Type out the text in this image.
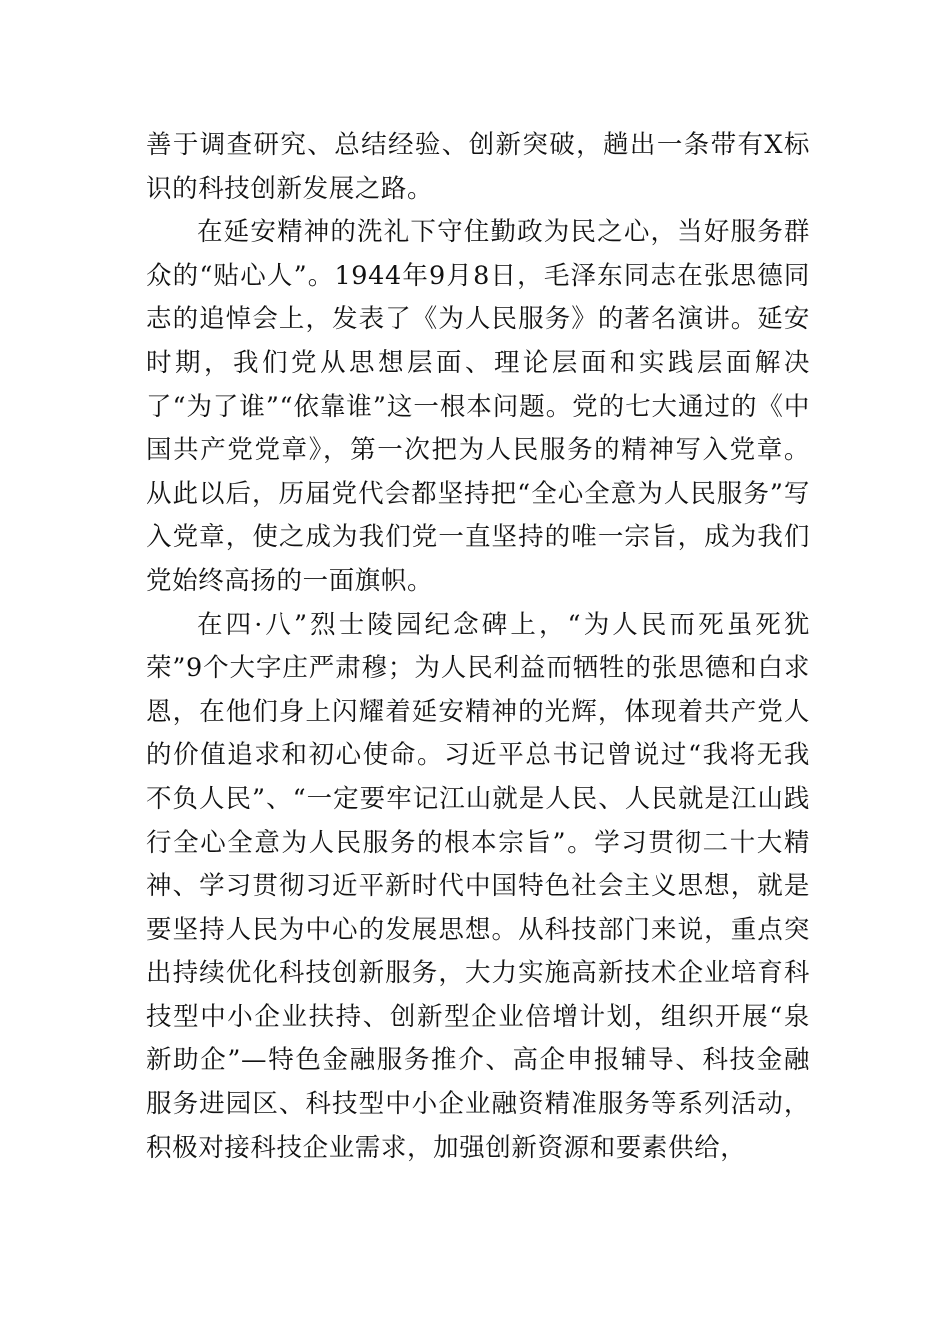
善于调查研究、总结经验、创新突破，趟出一条带有X标识的科技创新发展之路。

在延安精神的洗礼下守住勤政为民之心，当好服务群众的“贴心人”。1944年9月8日，毛泽东同志在张思德同志的追悼会上，发表了《为人民服务》的著名演讲。延安时期，我们党从思想层面、理论层面和实践层面解决了“为了谁”“依靠谁”这一根本问题。党的七大通过的《中国共产党党章》，第一次把为人民服务的精神写入党章。从此以后，历届党代会都坚持把“全心全意为人民服务”写入党章，使之成为我们党一直坚持的唯一宗旨，成为我们党始终高扬的一面旗帜。

在四·八”烈士陵园纪念碑上，“为人民而死虽死犹荣”9个大字庄严肃穆；为人民利益而牺牲的张思德和白求恩，在他们身上闪耀着延安精神的光辉，体现着共产党人的价值追求和初心使命。习近平总书记曾说过“我将无我不负人民”、“一定要牢记江山就是人民、人民就是江山践行全心全意为人民服务的根本宗旨”。学习贯彻二十大精神、学习贯彻习近平新时代中国特色社会主义思想，就是要坚持人民为中心的发展思想。从科技部门来说，重点突出持续优化科技创新服务，大力实施高新技术企业培育科技型中小企业扶持、创新型企业倍增计划，组织开展“泉新助企”—特色金融服务推介、高企申报辅导、科技金融服务进园区、科技型中小企业融资精准服务等系列活动，积极对接科技企业需求，加强创新资源和要素供给，
